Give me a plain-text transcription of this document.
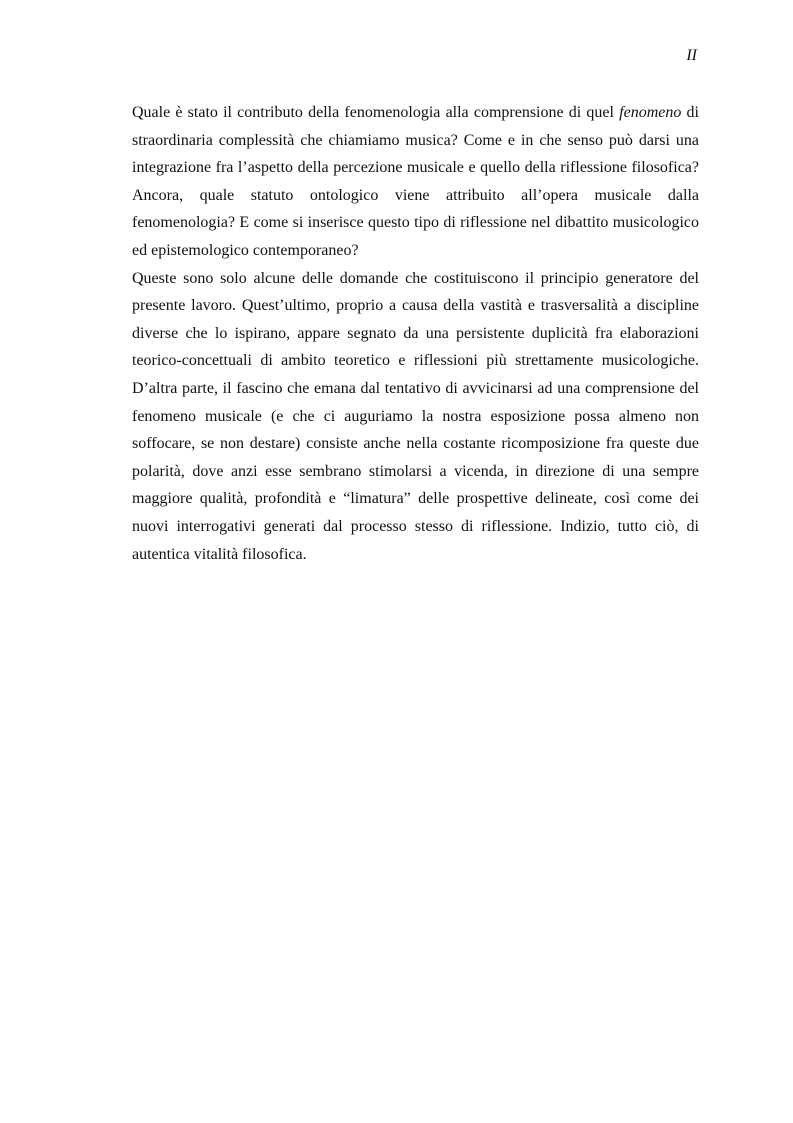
II

Quale è stato il contributo della fenomenologia alla comprensione di quel fenomeno di straordinaria complessità che chiamiamo musica? Come e in che senso può darsi una integrazione fra l’aspetto della percezione musicale e quello della riflessione filosofica? Ancora, quale statuto ontologico viene attribuito all’opera musicale dalla fenomenologia? E come si inserisce questo tipo di riflessione nel dibattito musicologico ed epistemologico contemporaneo?

Queste sono solo alcune delle domande che costituiscono il principio generatore del presente lavoro. Quest’ultimo, proprio a causa della vastità e trasversalità a discipline diverse che lo ispirano, appare segnato da una persistente duplicità fra elaborazioni teorico-concettuali di ambito teoretico e riflessioni più strettamente musicologiche. D’altra parte, il fascino che emana dal tentativo di avvicinarsi ad una comprensione del fenomeno musicale (e che ci auguriamo la nostra esposizione possa almeno non soffocare, se non destare) consiste anche nella costante ricomposizione fra queste due polarità, dove anzi esse sembrano stimolarsi a vicenda, in direzione di una sempre maggiore qualità, profondità e “limatura” delle prospettive delineate, così come dei nuovi interrogativi generati dal processo stesso di riflessione. Indizio, tutto ciò, di autentica vitalità filosofica.
